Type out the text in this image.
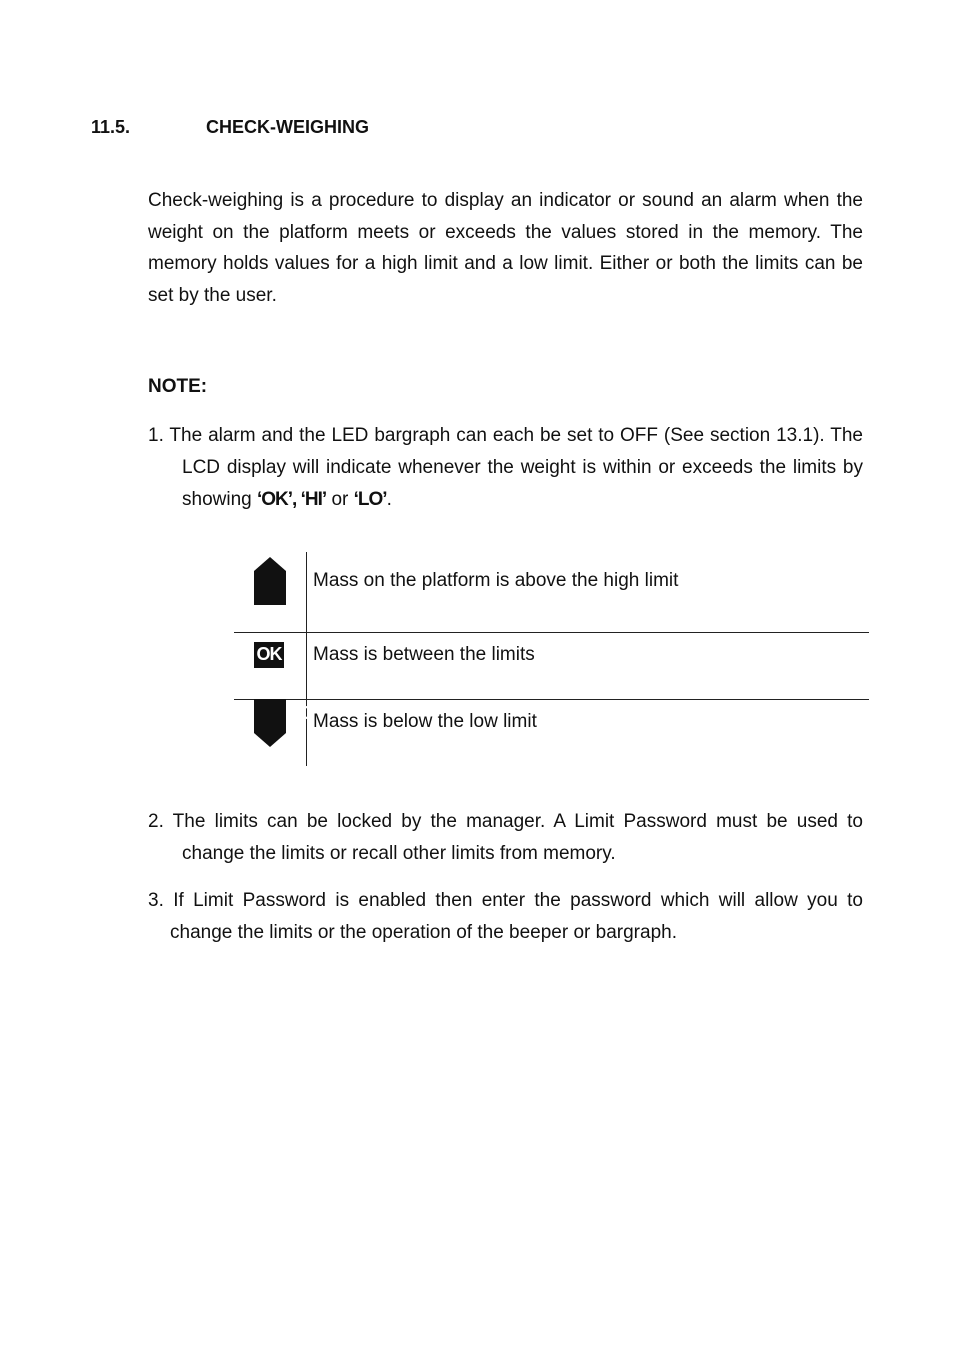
11.5.	CHECK-WEIGHING

Check-weighing is a procedure to display an indicator or sound an alarm when the weight on the platform meets or exceeds the values stored in the memory. The memory holds values for a high limit and a low limit. Either or both the limits can be set by the user.

NOTE:

1. The alarm and the LED bargraph can each be set to OFF (See section 13.1). The LCD display will indicate whenever the weight is within or exceeds the limits by showing ‘OK’, ‘HI’ or ‘LO’.

HI Mass on the platform is above the high limit
OK Mass is between the limits
LO Mass is below the low limit

2. The limits can be locked by the manager. A Limit Password must be used to change the limits or recall other limits from memory.

3. If Limit Password is enabled then enter the password which will allow you to change the limits or the operation of the beeper or bargraph.
